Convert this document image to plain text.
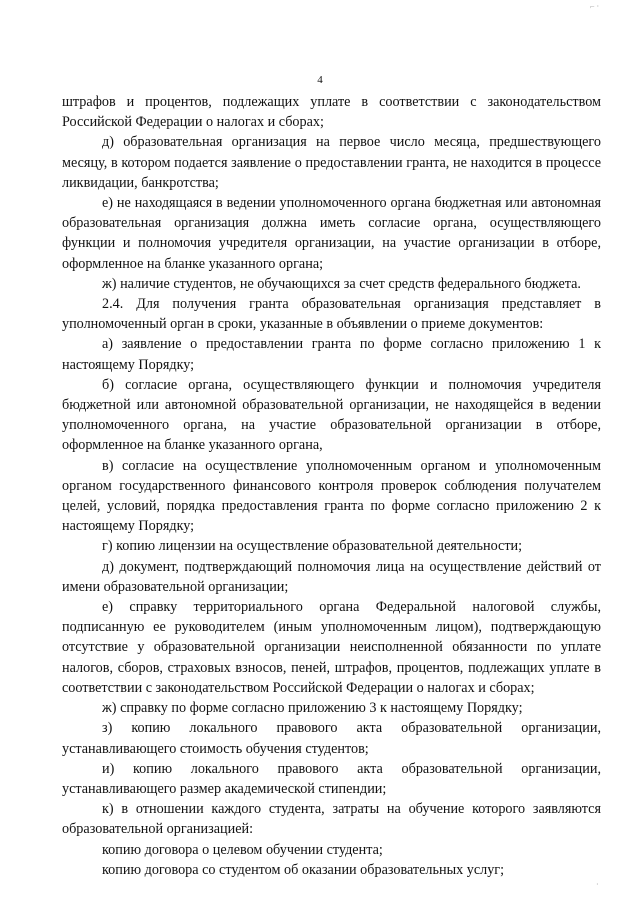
⌐ ·
4

штрафов и процентов, подлежащих уплате в соответствии с законодательством Российской Федерации о налогах и сборах;

д) образовательная организация на первое число месяца, предшествующего месяцу, в котором подается заявление о предоставлении гранта, не находится в процессе ликвидации, банкротства;

е) не находящаяся в ведении уполномоченного органа бюджетная или автономная образовательная организация должна иметь согласие органа, осуществляющего функции и полномочия учредителя организации, на участие организации в отборе, оформленное на бланке указанного органа;

ж) наличие студентов, не обучающихся за счет средств федерального бюджета.

2.4. Для получения гранта образовательная организация представляет в уполномоченный орган в сроки, указанные в объявлении о приеме документов:

а) заявление о предоставлении гранта по форме согласно приложению 1 к настоящему Порядку;

б) согласие органа, осуществляющего функции и полномочия учредителя бюджетной или автономной образовательной организации, не находящейся в ведении уполномоченного органа, на участие образовательной организации в отборе, оформленное на бланке указанного органа,

в) согласие на осуществление уполномоченным органом и уполномоченным органом государственного финансового контроля проверок соблюдения получателем целей, условий, порядка предоставления гранта по форме согласно приложению 2 к настоящему Порядку;

г) копию лицензии на осуществление образовательной деятельности;

д) документ, подтверждающий полномочия лица на осуществление действий от имени образовательной организации;

е) справку территориального органа Федеральной налоговой службы, подписанную ее руководителем (иным уполномоченным лицом), подтверждающую отсутствие у образовательной организации неисполненной обязанности по уплате налогов, сборов, страховых взносов, пеней, штрафов, процентов, подлежащих уплате в соответствии с законодательством Российской Федерации о налогах и сборах;

ж) справку по форме согласно приложению 3 к настоящему Порядку;

з) копию локального правового акта образовательной организации, устанавливающего стоимость обучения студентов;

и) копию локального правового акта образовательной организации, устанавливающего размер академической стипендии;

к) в отношении каждого студента, затраты на обучение которого заявляются образовательной организацией:

копию договора о целевом обучении студента;

копию договора со студентом об оказании образовательных услуг;

·
